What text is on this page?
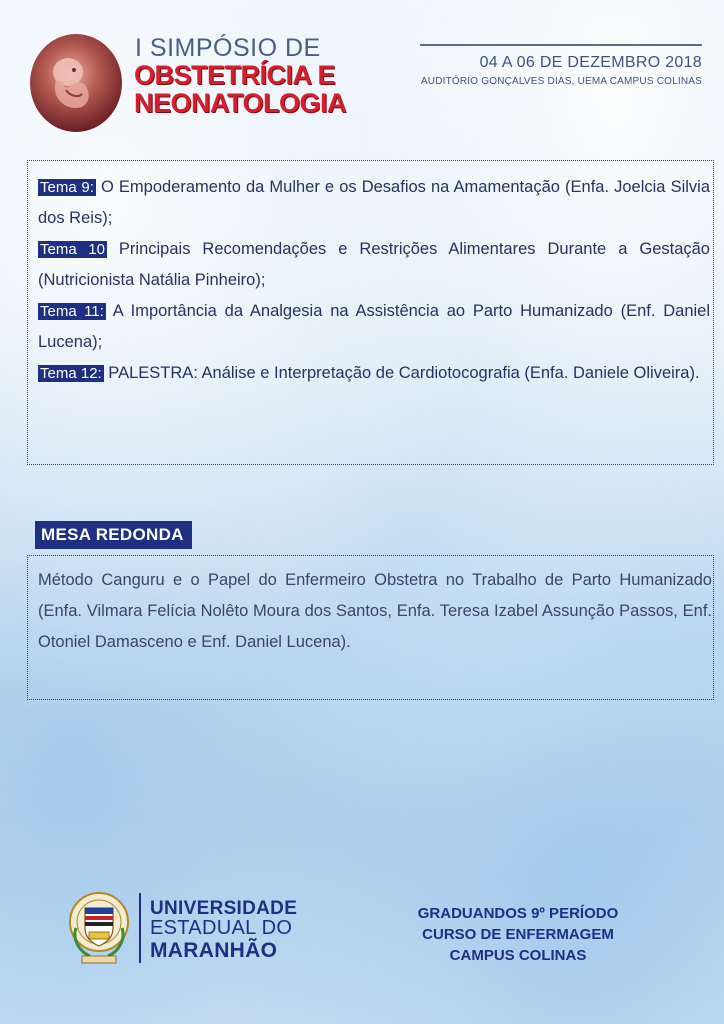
I SIMPÓSIO DE
OBSTETRÍCIA E
NEONATOLOGIA
04 A 06 DE DEZEMBRO 2018
AUDITÓRIO GONÇALVES DIAS, UEMA CAMPUS COLINAS

Tema 9: O Empoderamento da Mulher e os Desafios na Amamentação (Enfa. Joelcia Silvia dos Reis);

Tema 10 Principais Recomendações e Restrições Alimentares Durante a Gestação (Nutricionista Natália Pinheiro);

Tema 11: A Importância da Analgesia na Assistência ao Parto Humanizado (Enf. Daniel Lucena);

Tema 12: PALESTRA: Análise e Interpretação de Cardiotocografia (Enfa. Daniele Oliveira).

MESA REDONDA

Método Canguru e o Papel do Enfermeiro Obstetra no Trabalho de Parto Humanizado (Enfa. Vilmara Felícia Nolêto Moura dos Santos, Enfa. Teresa Izabel Assunção Passos, Enf. Otoniel Damasceno e Enf. Daniel Lucena).

UNIVERSIDADE

ESTADUAL DO

MARANHÃO

GRADUANDOS 9º PERÍODO
CURSO DE ENFERMAGEM
CAMPUS COLINAS
